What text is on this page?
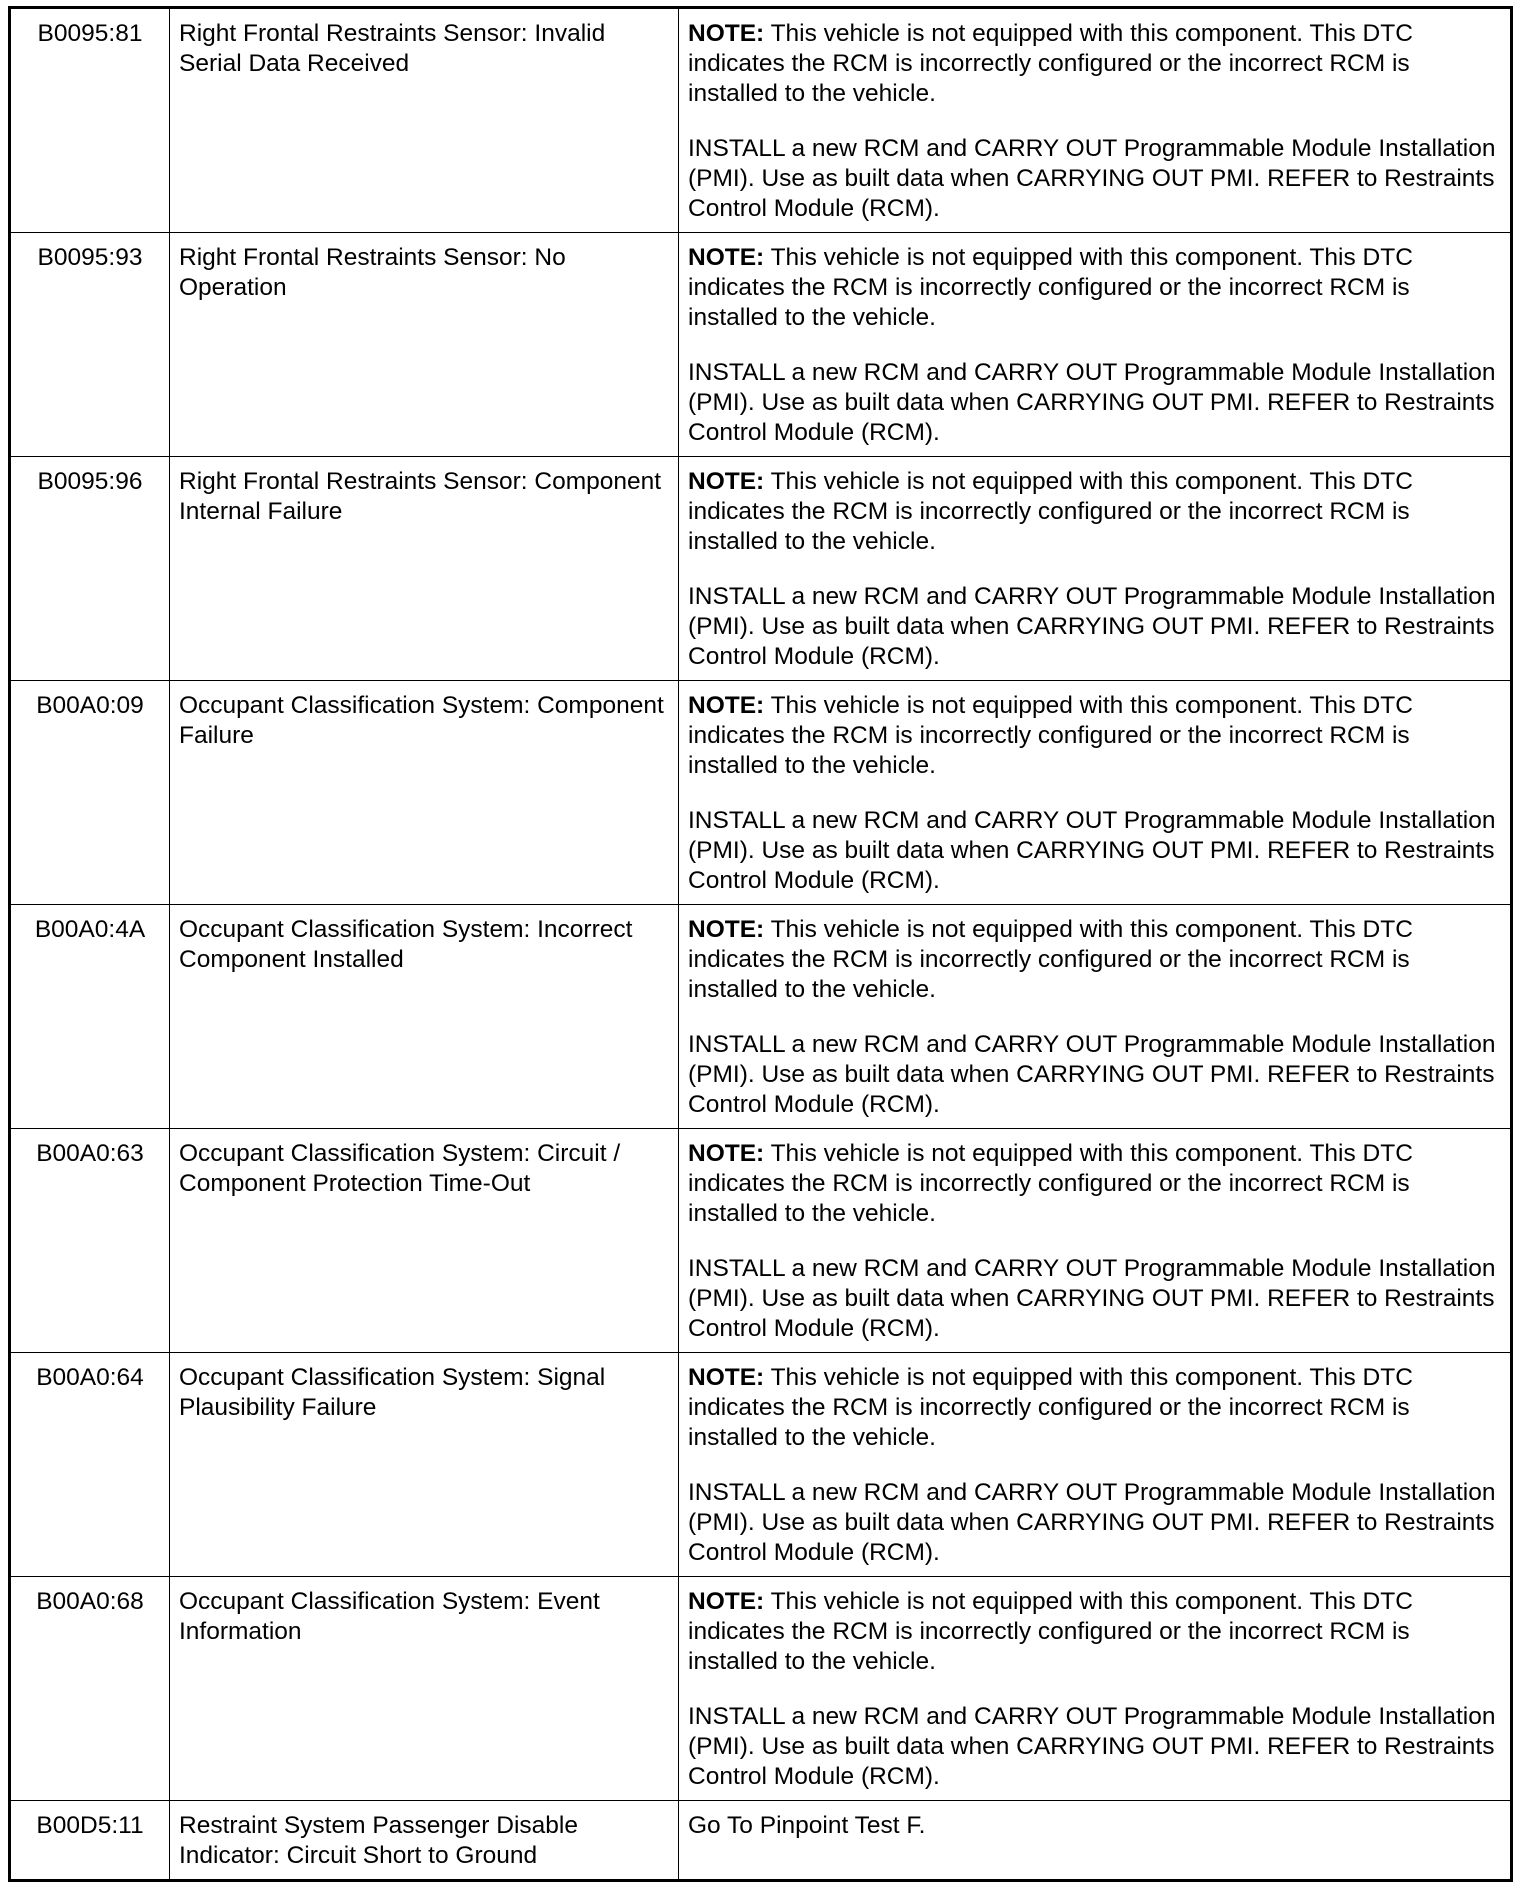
B0095:81	Right Frontal Restraints Sensor: Invalid Serial Data Received	NOTE: This vehicle is not equipped with this component. This DTC indicates the RCM is incorrectly configured or the incorrect RCM is installed to the vehicle.

INSTALL a new RCM and CARRY OUT Programmable Module Installation (PMI). Use as built data when CARRYING OUT PMI. REFER to Restraints Control Module (RCM).

B0095:93	Right Frontal Restraints Sensor: No Operation	NOTE: This vehicle is not equipped with this component. This DTC indicates the RCM is incorrectly configured or the incorrect RCM is installed to the vehicle.

INSTALL a new RCM and CARRY OUT Programmable Module Installation (PMI). Use as built data when CARRYING OUT PMI. REFER to Restraints Control Module (RCM).

B0095:96	Right Frontal Restraints Sensor: Component Internal Failure	NOTE: This vehicle is not equipped with this component. This DTC indicates the RCM is incorrectly configured or the incorrect RCM is installed to the vehicle.

INSTALL a new RCM and CARRY OUT Programmable Module Installation (PMI). Use as built data when CARRYING OUT PMI. REFER to Restraints Control Module (RCM).

B00A0:09	Occupant Classification System: Component Failure	NOTE: This vehicle is not equipped with this component. This DTC indicates the RCM is incorrectly configured or the incorrect RCM is installed to the vehicle.

INSTALL a new RCM and CARRY OUT Programmable Module Installation (PMI). Use as built data when CARRYING OUT PMI. REFER to Restraints Control Module (RCM).

B00A0:4A	Occupant Classification System: Incorrect Component Installed	NOTE: This vehicle is not equipped with this component. This DTC indicates the RCM is incorrectly configured or the incorrect RCM is installed to the vehicle.

INSTALL a new RCM and CARRY OUT Programmable Module Installation (PMI). Use as built data when CARRYING OUT PMI. REFER to Restraints Control Module (RCM).

B00A0:63	Occupant Classification System: Circuit / Component Protection Time-Out	NOTE: This vehicle is not equipped with this component. This DTC indicates the RCM is incorrectly configured or the incorrect RCM is installed to the vehicle.

INSTALL a new RCM and CARRY OUT Programmable Module Installation (PMI). Use as built data when CARRYING OUT PMI. REFER to Restraints Control Module (RCM).

B00A0:64	Occupant Classification System: Signal Plausibility Failure	NOTE: This vehicle is not equipped with this component. This DTC indicates the RCM is incorrectly configured or the incorrect RCM is installed to the vehicle.

INSTALL a new RCM and CARRY OUT Programmable Module Installation (PMI). Use as built data when CARRYING OUT PMI. REFER to Restraints Control Module (RCM).

B00A0:68	Occupant Classification System: Event Information	NOTE: This vehicle is not equipped with this component. This DTC indicates the RCM is incorrectly configured or the incorrect RCM is installed to the vehicle.

INSTALL a new RCM and CARRY OUT Programmable Module Installation (PMI). Use as built data when CARRYING OUT PMI. REFER to Restraints Control Module (RCM).

B00D5:11	Restraint System Passenger Disable Indicator: Circuit Short to Ground	Go To Pinpoint Test F.
